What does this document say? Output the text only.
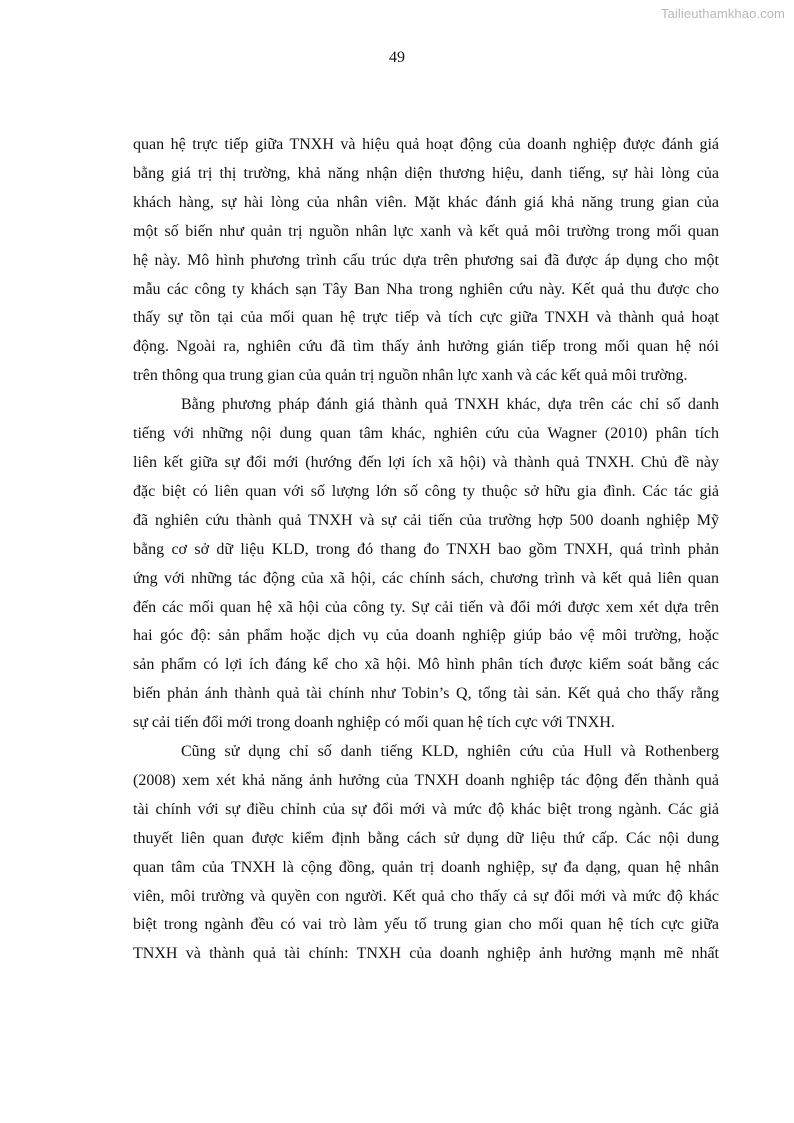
Tailieuthamkhao.com
49
quan hệ trực tiếp giữa TNXH và hiệu quả hoạt động của doanh nghiệp được đánh giá
bằng giá trị thị trường, khả năng nhận diện thương hiệu, danh tiếng, sự hài lòng của
khách hàng, sự hài lòng của nhân viên. Mặt khác đánh giá khả năng trung gian của
một số biến như quản trị nguồn nhân lực xanh và kết quả môi trường trong mối quan
hệ này. Mô hình phương trình cấu trúc dựa trên phương sai đã được áp dụng cho một
mẫu các công ty khách sạn Tây Ban Nha trong nghiên cứu này. Kết quả thu được cho
thấy sự tồn tại của mối quan hệ trực tiếp và tích cực giữa TNXH và thành quả hoạt
động. Ngoài ra, nghiên cứu đã tìm thấy ảnh hưởng gián tiếp trong mối quan hệ nói
trên thông qua trung gian của quản trị nguồn nhân lực xanh và các kết quả môi trường.
Bằng phương pháp đánh giá thành quả TNXH khác, dựa trên các chỉ số danh
tiếng với những nội dung quan tâm khác, nghiên cứu của Wagner (2010) phân tích
liên kết giữa sự đổi mới (hướng đến lợi ích xã hội) và thành quả TNXH. Chủ đề này
đặc biệt có liên quan với số lượng lớn số công ty thuộc sở hữu gia đình. Các tác giả
đã nghiên cứu thành quả TNXH và sự cải tiến của trường hợp 500 doanh nghiệp Mỹ
bằng cơ sở dữ liệu KLD, trong đó thang đo TNXH bao gồm TNXH, quá trình phản
ứng với những tác động của xã hội, các chính sách, chương trình và kết quả liên quan
đến các mối quan hệ xã hội của công ty. Sự cải tiến và đổi mới được xem xét dựa trên
hai góc độ: sản phẩm hoặc dịch vụ của doanh nghiệp giúp bảo vệ môi trường, hoặc
sản phẩm có lợi ích đáng kể cho xã hội. Mô hình phân tích được kiểm soát bằng các
biến phản ánh thành quả tài chính như Tobin’s Q, tổng tài sản. Kết quả cho thấy rằng
sự cải tiến đổi mới trong doanh nghiệp có mối quan hệ tích cực với TNXH.
Cũng sử dụng chỉ số danh tiếng KLD, nghiên cứu của Hull và Rothenberg
(2008) xem xét khả năng ảnh hưởng của TNXH doanh nghiệp tác động đến thành quả
tài chính với sự điều chỉnh của sự đổi mới và mức độ khác biệt trong ngành. Các giả
thuyết liên quan được kiểm định bằng cách sử dụng dữ liệu thứ cấp. Các nội dung
quan tâm của TNXH là cộng đồng, quản trị doanh nghiệp, sự đa dạng, quan hệ nhân
viên, môi trường và quyền con người. Kết quả cho thấy cả sự đổi mới và mức độ khác
biệt trong ngành đều có vai trò làm yếu tố trung gian cho mối quan hệ tích cực giữa
TNXH và thành quả tài chính: TNXH của doanh nghiệp ảnh hưởng mạnh mẽ nhất
